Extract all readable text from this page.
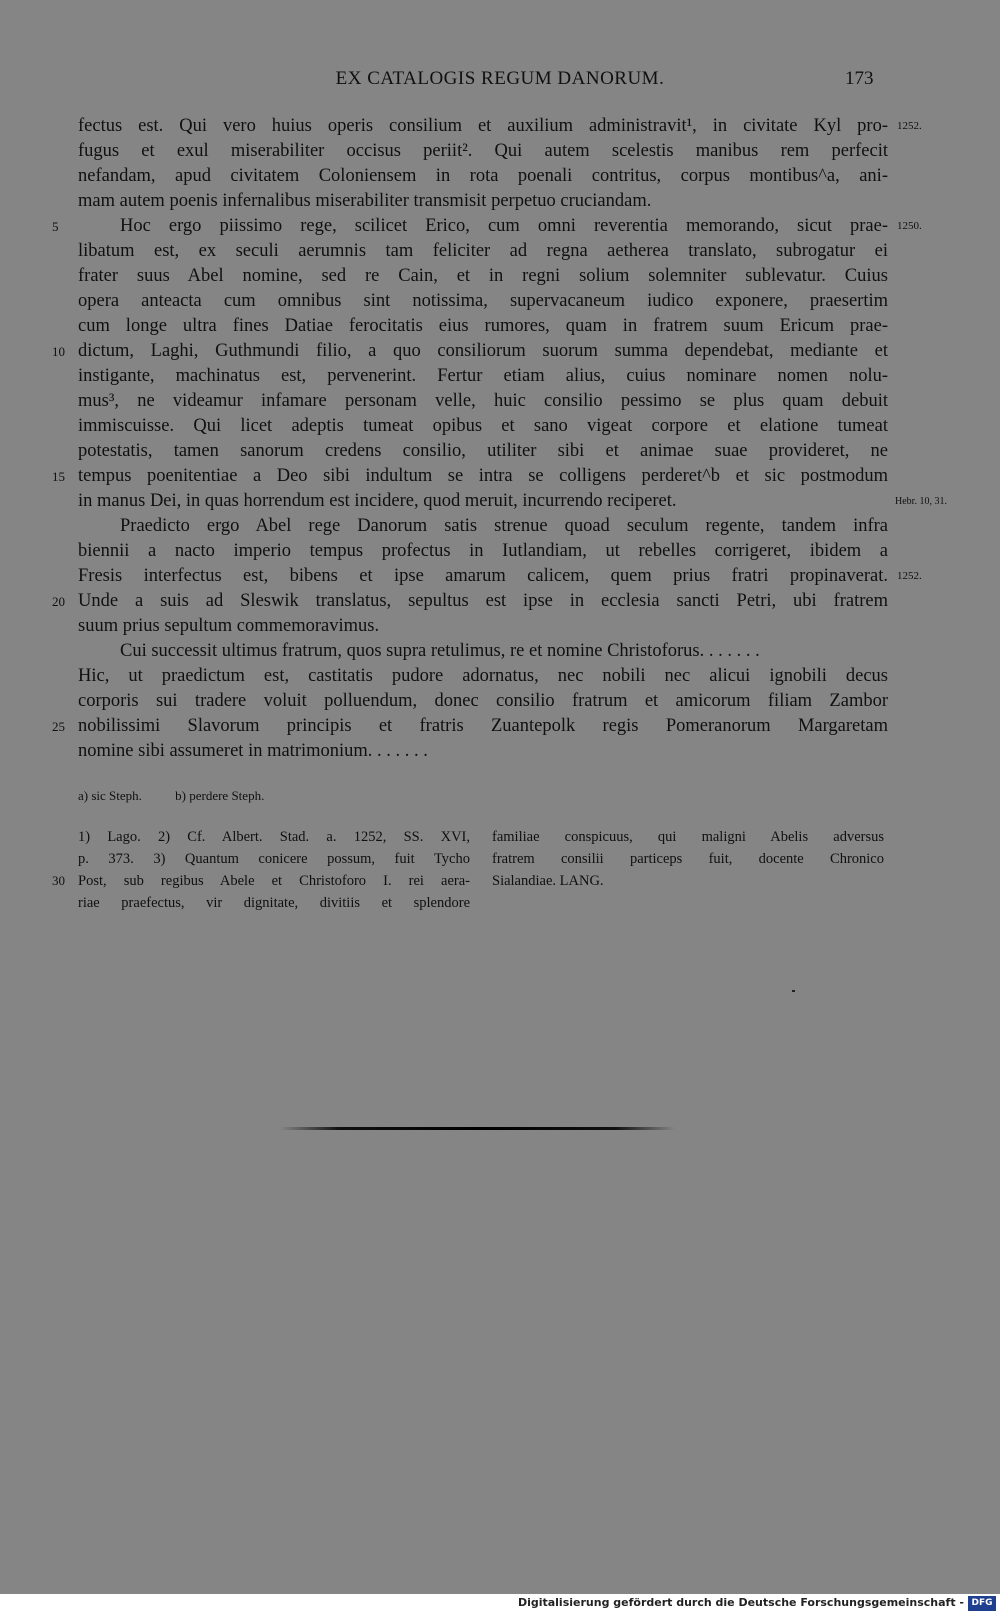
EX CATALOGIS REGUM DANORUM.	173
fectus est. Qui vero huius operis consilium et auxilium administravit¹, in civitate Kyl pro-
fugus et exul miserabiliter occisus periit². Qui autem scelestis manibus rem perfecit
nefandam, apud civitatem Coloniensem in rota poenali contritus, corpus montibus^a, ani-
mam autem poenis infernalibus miserabiliter transmisit perpetuo cruciandam.
Hoc ergo piissimo rege, scilicet Erico, cum omni reverentia memorando, sicut prae-
libatum est, ex seculi aerumnis tam feliciter ad regna aetherea translato, subrogatur ei
frater suus Abel nomine, sed re Cain, et in regni solium solemniter sublevatur. Cuius
opera anteacta cum omnibus sint notissima, supervacaneum iudico exponere, praesertim
cum longe ultra fines Datiae ferocitatis eius rumores, quam in fratrem suum Ericum prae-
dictum, Laghi, Guthmundi filio, a quo consiliorum suorum summa dependebat, mediante et
instigante, machinatus est, pervenerint. Fertur etiam alius, cuius nominare nomen nolu-
mus³, ne videamur infamare personam velle, huic consilio pessimo se plus quam debuit
immiscuisse. Qui licet adeptis tumeat opibus et sano vigeat corpore et elatione tumeat
potestatis, tamen sanorum credens consilio, utiliter sibi et animae suae provideret, ne
tempus poenitentiae a Deo sibi indultum se intra se colligens perderet^b et sic postmodum
in manus Dei, in quas horrendum est incidere, quod meruit, incurrendo reciperet.
Praedicto ergo Abel rege Danorum satis strenue quoad seculum regente, tandem infra
biennii a nacto imperio tempus profectus in Iutlandiam, ut rebelles corrigeret, ibidem a
Fresis interfectus est, bibens et ipse amarum calicem, quem prius fratri propinaverat.
Unde a suis ad Sleswik translatus, sepultus est ipse in ecclesia sancti Petri, ubi fratrem
suum prius sepultum commemoravimus.
Cui successit ultimus fratrum, quos supra retulimus, re et nomine Christoforus. . . . . . .
Hic, ut praedictum est, castitatis pudore adornatus, nec nobili nec alicui ignobili decus
corporis sui tradere voluit polluendum, donec consilio fratrum et amicorum filiam Zambor
nobilissimi Slavorum principis et fratris Zuantepolk regis Pomeranorum Margaretam
nomine sibi assumeret in matrimonium. . . . . . .
5
10
15
20
25
1252.
1250.
Hebr. 10, 31.
1252.
a) sic Steph.	b) perdere Steph.
1) Lago. 2) Cf. Albert. Stad. a. 1252, SS. XVI,
p. 373. 3) Quantum conicere possum, fuit Tycho
Post, sub regibus Abele et Christoforo I. rei aera-
riae praefectus, vir dignitate, divitiis et splendore
30
familiae conspicuus, qui maligni Abelis adversus
fratrem consilii particeps fuit, docente Chronico
Sialandiae. LANG.
Digitalisierung gefördert durch die Deutsche Forschungsgemeinschaft - DFG
